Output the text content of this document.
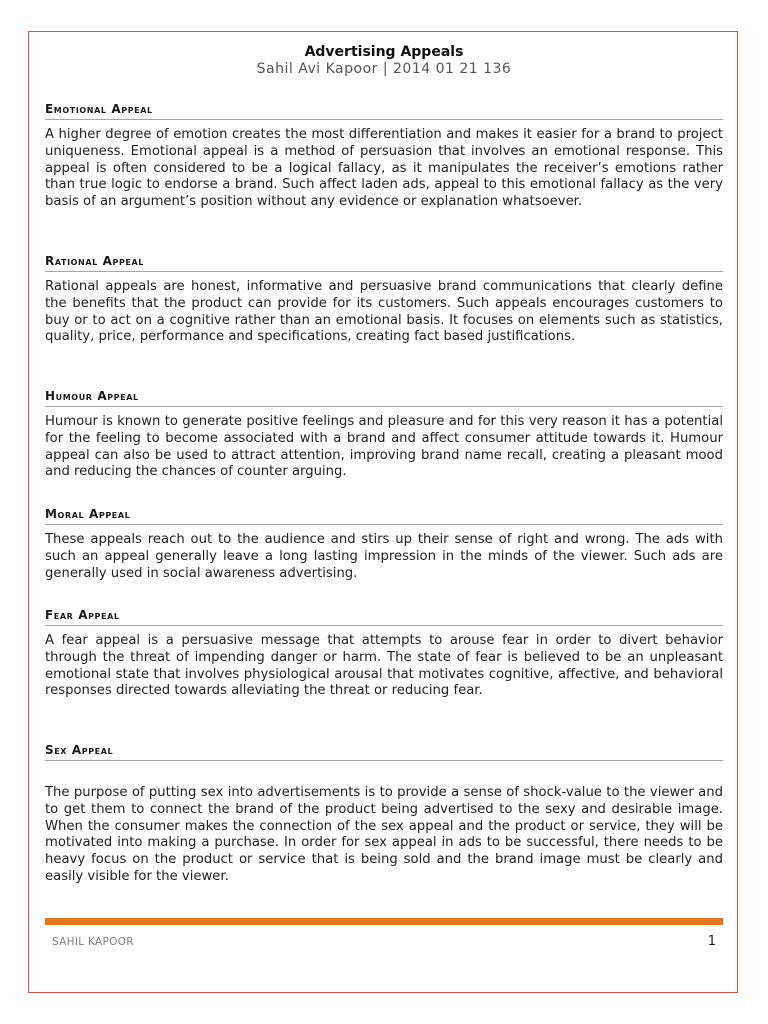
Advertising Appeals
Sahil Avi Kapoor | 2014 01 21 136
Emotional Appeal
A higher degree of emotion creates the most differentiation and makes it easier for a brand to project uniqueness. Emotional appeal is a method of persuasion that involves an emotional response. This appeal is often considered to be a logical fallacy, as it manipulates the receiver’s emotions rather than true logic to endorse a brand. Such affect laden ads, appeal to this emotional fallacy as the very basis of an argument’s position without any evidence or explanation whatsoever.
Rational Appeal
Rational appeals are honest, informative and persuasive brand communications that clearly define the benefits that the product can provide for its customers. Such appeals encourages customers to buy or to act on a cognitive rather than an emotional basis. It focuses on elements such as statistics, quality, price, performance and specifications, creating fact based justifications.
Humour Appeal
Humour is known to generate positive feelings and pleasure and for this very reason it has a potential for the feeling to become associated with a brand and affect consumer attitude towards it. Humour appeal can also be used to attract attention, improving brand name recall, creating a pleasant mood and reducing the chances of counter arguing.
Moral Appeal
These appeals reach out to the audience and stirs up their sense of right and wrong. The ads with such an appeal generally leave a long lasting impression in the minds of the viewer. Such ads are generally used in social awareness advertising.
Fear Appeal
A fear appeal is a persuasive message that attempts to arouse fear in order to divert behavior through the threat of impending danger or harm. The state of fear is believed to be an unpleasant emotional state that involves physiological arousal that motivates cognitive, affective, and behavioral responses directed towards alleviating the threat or reducing fear.
Sex Appeal
The purpose of putting sex into advertisements is to provide a sense of shock-value to the viewer and to get them to connect the brand of the product being advertised to the sexy and desirable image. When the consumer makes the connection of the sex appeal and the product or service, they will be motivated into making a purchase. In order for sex appeal in ads to be successful, there needs to be heavy focus on the product or service that is being sold and the brand image must be clearly and easily visible for the viewer.
SAHIL KAPOOR	1
